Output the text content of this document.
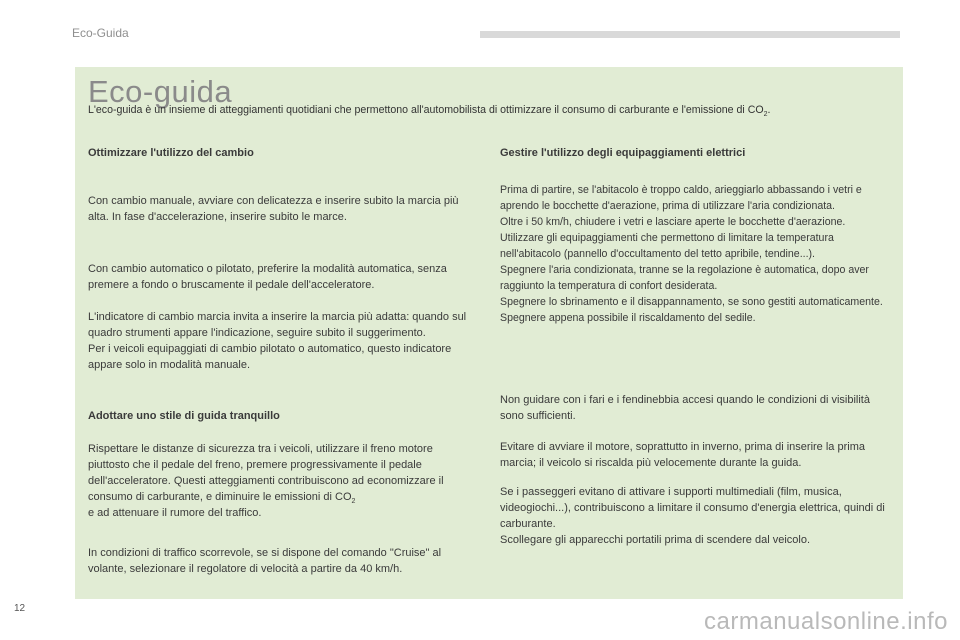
Eco-Guida
Eco-guida
L'eco-guida è un insieme di atteggiamenti quotidiani che permettono all'automobilista di ottimizzare il consumo di carburante e l'emissione di $CO_2$.
Ottimizzare l'utilizzo del cambio

Con cambio manuale, avviare con delicatezza e inserire subito la marcia più alta. In fase d'accelerazione, inserire subito le marce.

Con cambio automatico o pilotato, preferire la modalità automatica, senza premere a fondo o bruscamente il pedale dell'acceleratore.

L'indicatore di cambio marcia invita a inserire la marcia più adatta: quando sul quadro strumenti appare l'indicazione, seguire subito il suggerimento.

Per i veicoli equipaggiati di cambio pilotato o automatico, questo indicatore appare solo in modalità manuale.

Adottare uno stile di guida tranquillo

Rispettare le distanze di sicurezza tra i veicoli, utilizzare il freno motore piuttosto che il pedale del freno, premere progressivamente il pedale dell'acceleratore. Questi atteggiamenti contribuiscono ad economizzare il consumo di carburante, e diminuire le emissioni di $CO_2$

e ad attenuare il rumore del traffico.

In condizioni di traffico scorrevole, se si dispone del comando "Cruise" al volante, selezionare il regolatore di velocità a partire da 40 km/h.

Gestire l'utilizzo degli equipaggiamenti elettrici

Prima di partire, se l'abitacolo è troppo caldo, arieggiarlo abbassando i vetri e aprendo le bocchette d'aerazione, prima di utilizzare l'aria condizionata.

Oltre i 50 km/h, chiudere i vetri e lasciare aperte le bocchette d'aerazione.

Utilizzare gli equipaggiamenti che permettono di limitare la temperatura nell'abitacolo (pannello d'occultamento del tetto apribile, tendine...).

Spegnere l'aria condizionata, tranne se la regolazione è automatica, dopo aver raggiunto la temperatura di confort desiderata.

Spegnere lo sbrinamento e il disappannamento, se sono gestiti automaticamente.

Spegnere appena possibile il riscaldamento del sedile.

Non guidare con i fari e i fendinebbia accesi quando le condizioni di visibilità sono sufficienti.

Evitare di avviare il motore, soprattutto in inverno, prima di inserire la prima marcia; il veicolo si riscalda più velocemente durante la guida.

Se i passeggeri evitano di attivare i supporti multimediali (film, musica, videogiochi...), contribuiscono a limitare il consumo d'energia elettrica, quindi di carburante.

Scollegare gli apparecchi portatili prima di scendere dal veicolo.

12	carmanualsonline.info
